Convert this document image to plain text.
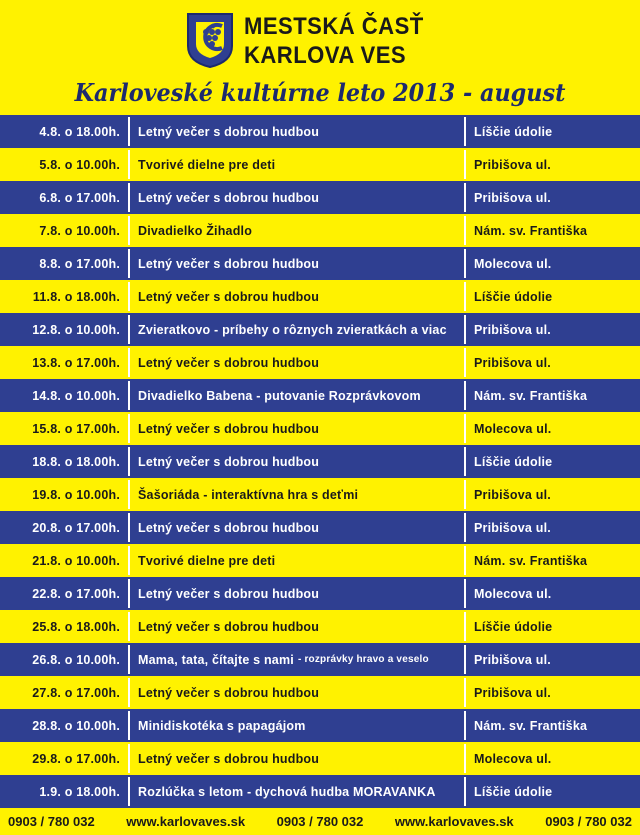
MESTSKÁ ČASŤ
KARLOVA VES
Karloveské kultúrne leto 2013 - august
4.8. o 18.00h.	Letný večer s dobrou hudbou	Líščie údolie
5.8. o 10.00h.	Tvorivé dielne pre deti	Pribišova ul.
6.8. o 17.00h.	Letný večer s dobrou hudbou	Pribišova ul.
7.8. o 10.00h.	Divadielko Žihadlo	Nám. sv. Františka
8.8. o 17.00h.	Letný večer s dobrou hudbou	Molecova ul.
11.8. o 18.00h.	Letný večer s dobrou hudbou	Líščie údolie
12.8. o 10.00h.	Zvieratkovo - príbehy o rôznych zvieratkách a viac	Pribišova ul.
13.8. o 17.00h.	Letný večer s dobrou hudbou	Pribišova ul.
14.8. o 10.00h.	Divadielko Babena - putovanie Rozprávkovom	Nám. sv. Františka
15.8. o 17.00h.	Letný večer s dobrou hudbou	Molecova ul.
18.8. o 18.00h.	Letný večer s dobrou hudbou	Líščie údolie
19.8. o 10.00h.	Šašoriáda - interaktívna hra s deťmi	Pribišova ul.
20.8. o 17.00h.	Letný večer s dobrou hudbou	Pribišova ul.
21.8. o 10.00h.	Tvorivé dielne pre deti	Nám. sv. Františka
22.8. o 17.00h.	Letný večer s dobrou hudbou	Molecova ul.
25.8. o 18.00h.	Letný večer s dobrou hudbou	Líščie údolie
26.8. o 10.00h.	Mama, tata, čítajte s nami - rozprávky hravo a veselo	Pribišova ul.
27.8. o 17.00h.	Letný večer s dobrou hudbou	Pribišova ul.
28.8. o 10.00h.	Minidiskotéka s papagájom	Nám. sv. Františka
29.8. o 17.00h.	Letný večer s dobrou hudbou	Molecova ul.
1.9. o 18.00h.	Rozlúčka s letom - dychová hudba MORAVANKA	Líščie údolie
0903 / 780 032 www.karlovaves.sk 0903 / 780 032 www.karlovaves.sk 0903 / 780 032
